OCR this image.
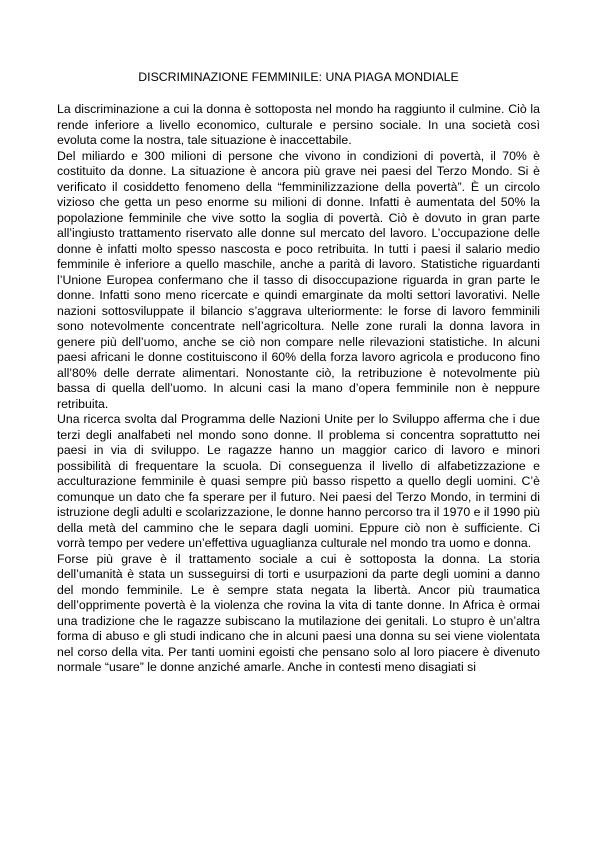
DISCRIMINAZIONE FEMMINILE: UNA PIAGA MONDIALE

La discriminazione a cui la donna è sottoposta nel mondo ha raggiunto il culmine. Ciò la rende inferiore a livello economico, culturale e persino sociale. In una società così evoluta come la nostra, tale situazione è inaccettabile.

Del miliardo e 300 milioni di persone che vivono in condizioni di povertà, il 70% è costituito da donne. La situazione è ancora più grave nei paesi del Terzo Mondo. Si è verificato il cosiddetto fenomeno della “femminilizzazione della povertà”. È un circolo vizioso che getta un peso enorme su milioni di donne. Infatti è aumentata del 50% la popolazione femminile che vive sotto la soglia di povertà. Ciò è dovuto in gran parte all’ingiusto trattamento riservato alle donne sul mercato del lavoro. L’occupazione delle donne è infatti molto spesso nascosta e poco retribuita. In tutti i paesi il salario medio femminile è inferiore a quello maschile, anche a parità di lavoro. Statistiche riguardanti l’Unione Europea confermano che il tasso di disoccupazione riguarda in gran parte le donne. Infatti sono meno ricercate e quindi emarginate da molti settori lavorativi. Nelle nazioni sottosviluppate il bilancio s’aggrava ulteriormente: le forse di lavoro femminili sono notevolmente concentrate nell’agricoltura. Nelle zone rurali la donna lavora in genere più dell’uomo, anche se ciò non compare nelle rilevazioni statistiche. In alcuni paesi africani le donne costituiscono il 60% della forza lavoro agricola e producono fino all’80% delle derrate alimentari. Nonostante ciò, la retribuzione è notevolmente più bassa di quella dell’uomo. In alcuni casi la mano d’opera femminile non è neppure retribuita.

Una ricerca svolta dal Programma delle Nazioni Unite per lo Sviluppo afferma che i due terzi degli analfabeti nel mondo sono donne. Il problema si concentra soprattutto nei paesi in via di sviluppo. Le ragazze hanno un maggior carico di lavoro e minori possibilità di frequentare la scuola. Di conseguenza il livello di alfabetizzazione e acculturazione femminile è quasi sempre più basso rispetto a quello degli uomini. C’è comunque un dato che fa sperare per il futuro. Nei paesi del Terzo Mondo, in termini di istruzione degli adulti e scolarizzazione, le donne hanno percorso tra il 1970 e il 1990 più della metà del cammino che le separa dagli uomini. Eppure ciò non è sufficiente. Ci vorrà tempo per vedere un’effettiva uguaglianza culturale nel mondo tra uomo e donna.

Forse più grave è il trattamento sociale a cui è sottoposta la donna. La storia dell’umanità è stata un susseguirsi di torti e usurpazioni da parte degli uomini a danno del mondo femminile. Le è sempre stata negata la libertà. Ancor più traumatica dell’opprimente povertà è la violenza che rovina la vita di tante donne. In Africa è ormai una tradizione che le ragazze subiscano la mutilazione dei genitali. Lo stupro è un’altra forma di abuso e gli studi indicano che in alcuni paesi una donna su sei viene violentata nel corso della vita. Per tanti uomini egoisti che pensano solo al loro piacere è divenuto normale “usare” le donne anziché amarle. Anche in contesti meno disagiati si
